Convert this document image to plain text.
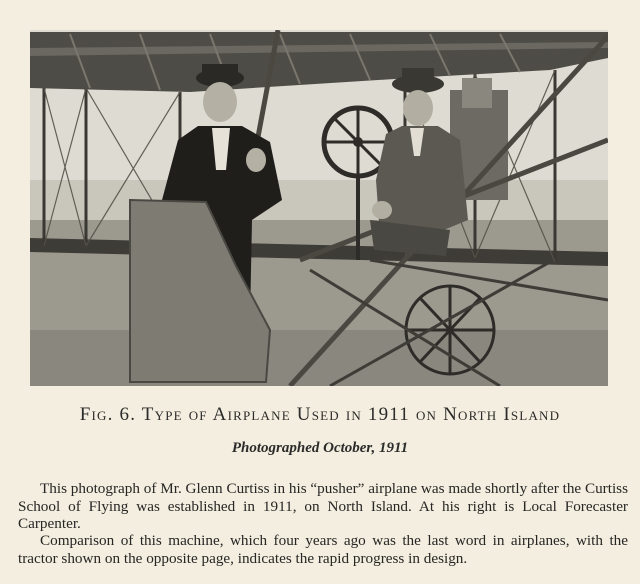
Fig. 6. Type of Airplane Used in 1911 on North Island
Photographed October, 1911

This photograph of Mr. Glenn Curtiss in his “pusher” airplane was made shortly after the Curtiss School of Flying was established in 1911, on North Island. At his right is Local Forecaster Carpenter.

Comparison of this machine, which four years ago was the last word in airplanes, with the tractor shown on the opposite page, indicates the rapid progress in design.
